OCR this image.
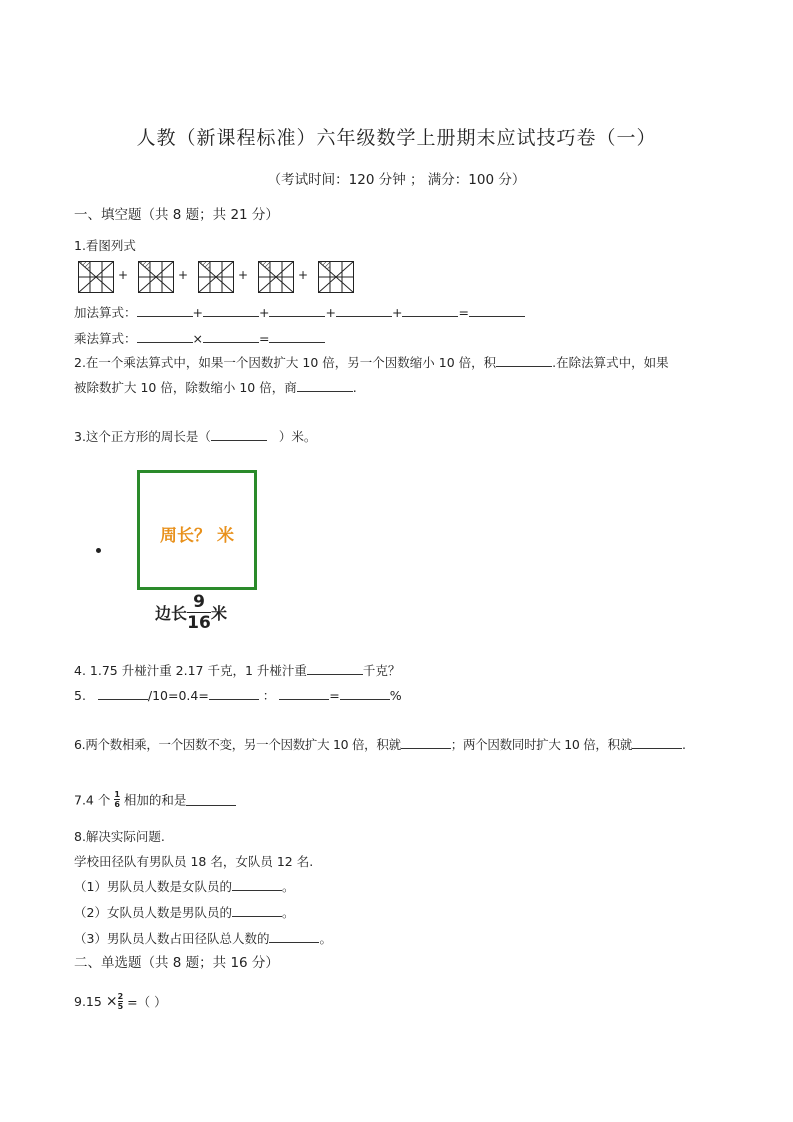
人教（新课程标准）六年级数学上册期末应试技巧卷（一）
（考试时间：120 分钟 ； 满分：100 分）
一、填空题（共 8 题；共 21 分）
1.看图列式
+	+	+	+
加法算式：	+	+	+	+	=
乘法算式：	×	=
2.在一个乘法算式中，如果一个因数扩大 10 倍，另一个因数缩小 10 倍，积	.在除法算式中，如果
被除数扩大 10 倍，除数缩小 10 倍，商	.
3.这个正方形的周长是（	）米。
周长？ 米
边长 $\frac{9}{16}$ 米
4. 1.75 升椪汁重 2.17 千克，1 升椪汁重	千克？
5.	/10=0.4=	：	=	%
6.两个数相乘，一个因数不变，另一个因数扩大 10 倍，积就	；两个因数同时扩大 10 倍，积就	.
7.4 个 $\frac{1}{6}$ 相加的和是
8.解决实际问题.
学校田径队有男队员 18 名，女队员 12 名.
（1）男队员人数是女队员的	。
（2）女队员人数是男队员的	。
（3）男队员人数占田径队总人数的	。
二、单选题（共 8 题；共 16 分）
$9.15 \times \frac{2}{5}$ =（ ）
